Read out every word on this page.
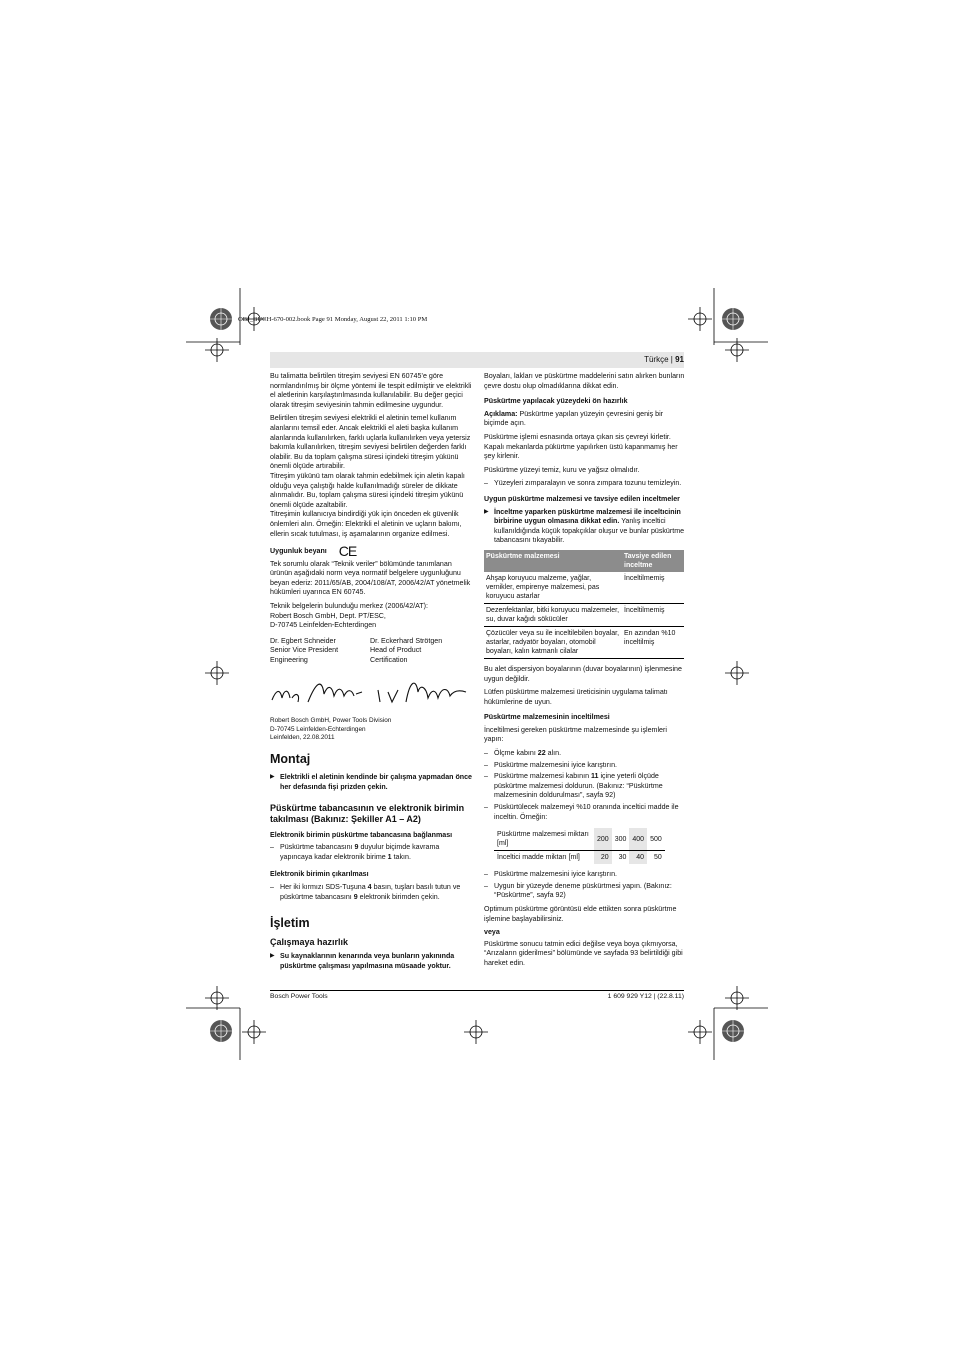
OBJ_BUCH-670-002.book Page 91 Monday, August 22, 2011 1:10 PM
Türkçe | 91

Bu talimatta belirtilen titreşim seviyesi EN 60745’e göre normlandırılmış bir ölçme yöntemi ile tespit edilmiştir ve elektrikli el aletlerinin karşılaştırılmasında kullanılabilir. Bu değer geçici olarak titreşim seviyesinin tahmin edilmesine uygundur.

Belirtilen titreşim seviyesi elektrikli el aletinin temel kullanım alanlarını temsil eder. Ancak elektrikli el aleti başka kullanım alanlarında kullanılırken, farklı uçlarla kullanılırken veya yetersiz bakımla kullanılırken, titreşim seviyesi belirtilen değerden farklı olabilir. Bu da toplam çalışma süresi içindeki titreşim yükünü önemli ölçüde artırabilir.

Titreşim yükünü tam olarak tahmin edebilmek için aletin kapalı olduğu veya çalıştığı halde kullanılmadığı süreler de dikkate alınmalıdır. Bu, toplam çalışma süresi içindeki titreşim yükünü önemli ölçüde azaltabilir.

Titreşimin kullanıcıya bindirdiği yük için önceden ek güvenlik önlemleri alın. Örneğin: Elektrikli el aletinin ve uçların bakımı, ellerin sıcak tutulması, iş aşamalarının organize edilmesi.

Uygunluk beyanı CE

Tek sorumlu olarak “Teknik veriler” bölümünde tanımlanan ürünün aşağıdaki norm veya normatif belgelere uygunluğunu beyan ederiz: 2011/65/AB, 2004/108/AT, 2006/42/AT yönetmelik hükümleri uyarınca EN 60745.

Teknik belgelerin bulunduğu merkez (2006/42/AT):
Robert Bosch GmbH, Dept. PT/ESC,
D-70745 Leinfelden-Echterdingen
Dr. Egbert Schneider
Senior Vice President
Engineering
Dr. Eckerhard Strötgen
Head of Product
Certification
Robert Bosch GmbH, Power Tools Division
D-70745 Leinfelden-Echterdingen
Leinfelden, 22.08.2011
Montaj
▶ Elektrikli el aletinin kendinde bir çalışma yapmadan önce her defasında fişi prizden çekin.
Püskürtme tabancasının ve elektronik birimin takılması (Bakınız: Şekiller A1 – A2)
Elektronik birimin püskürtme tabancasına bağlanması
– Püskürtme tabancasını 9 duyulur biçimde kavrama yapıncaya kadar elektronik birime 1 takın.
Elektronik birimin çıkarılması
– Her iki kırmızı SDS-Tuşuna 4 basın, tuşları basılı tutun ve püskürtme tabancasını 9 elektronik birimden çekin.
İşletim
Çalışmaya hazırlık
▶ Su kaynaklarının kenarında veya bunların yakınında püskürtme çalışması yapılmasına müsaade yoktur.

Boyaları, lakları ve püskürtme maddelerini satın alırken bunların çevre dostu olup olmadıklarına dikkat edin.

Püskürtme yapılacak yüzeydeki ön hazırlık

Açıklama: Püskürtme yapılan yüzeyin çevresini geniş bir biçimde açın.

Püskürtme işlemi esnasında ortaya çıkan sis çevreyi kirletir. Kapalı mekanlarda pükürtme yapılırken üstü kapanmamış her şey kirlenir.

Püskürtme yüzeyi temiz, kuru ve yağsız olmalıdır.

– Yüzeyleri zımparalayın ve sonra zımpara tozunu temizleyin.
Uygun püskürtme malzemesi ve tavsiye edilen inceltmeler
▶ İnceltme yaparken püskürtme malzemesi ile inceltıcinin birbirine uygun olmasına dikkat edin. Yanlış inceltici kullanıldığında küçük topakçıklar oluşur ve bunlar püskürtme tabancasını tıkayabilir.
Püskürtme malzemesi	Tavsiye edilen inceltme
Ahşap koruyucu malzeme, yağlar, vernikler, empirenye malzemesi, pas koruyucu astarlar	İnceltilmemiş
Dezenfektanlar, bitki koruyucu malzemeler, su, duvar kağıdı sökücüler	İnceltilmemiş
Çözücüler veya su ile inceltilebilen boyalar, astarlar, radyatör boyaları, otomobil boyaları, kalın katmanlı cilalar	En azından %10 inceltilmiş

Bu alet dispersiyon boyalarının (duvar boyalarının) işlenmesine uygun değildir.

Lütfen püskürtme malzemesi üreticisinin uygulama talimatı hükümlerine de uyun.

Püskürtme malzemesinin inceltilmesi

İnceltilmesi gereken püskürtme malzemesinde şu işlemleri yapın:

– Ölçme kabını 22 alın.
– Püskürtme malzemesini iyice karıştırın.
– Püskürtme malzemesi kabının 11 içine yeterli ölçüde püskürtme malzemesi doldurun. (Bakınız: “Püskürtme malzemesinin doldurulması”, sayfa 92)
– Püskürtülecek malzemeyi %10 oranında inceltici madde ile inceltin. Örneğin:
Püskürtme malzemesi miktarı [ml]	200	300	400	500
İnceltici madde miktarı [ml]	20	30	40	50
– Püskürtme malzemesini iyice karıştırın.
– Uygun bir yüzeyde deneme püskürtmesi yapın. (Bakınız: “Püskürtme”, sayfa 92)

Optimum püskürtme görüntüsü elde ettikten sonra püskürtme işlemine başlayabilirsiniz.

veya

Püskürtme sonucu tatmin edici değilse veya boya çıkmıyorsa, “Arızaların giderilmesi” bölümünde ve sayfada 93 belirtildiği gibi hareket edin.

Bosch Power Tools	1 609 929 Y12 | (22.8.11)
